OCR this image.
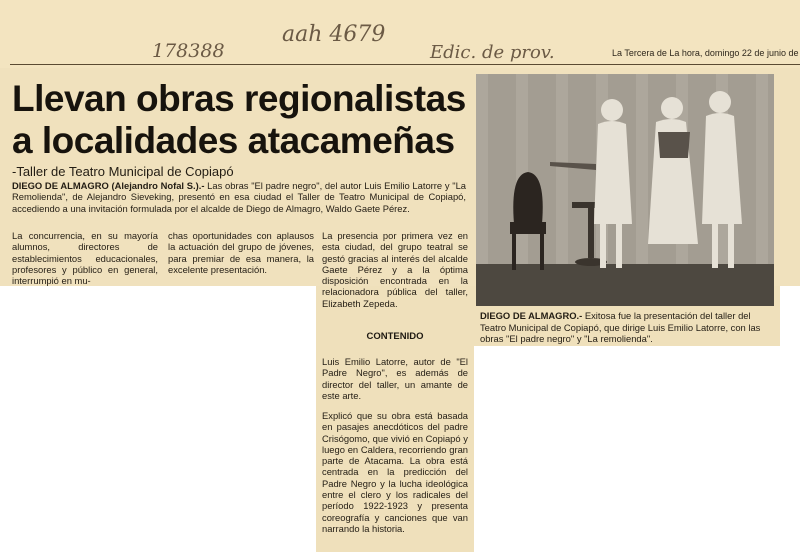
178388
aah 4679
Edic. de prov.	La Tercera de La hora, domingo 22 de junio de
Llevan obras regionalistas
a localidades atacameñas
-Taller de Teatro Municipal de Copiapó

DIEGO DE ALMAGRO (Alejandro Nofal S.).- Las obras "El padre negro", del autor Luis Emilio Latorre y "La Remolienda", de Alejandro Sieveking, presentó en esa ciudad el Taller de Teatro Municipal de Copiapó, accediendo a una invitación formulada por el alcalde de Diego de Almagro, Waldo Gaete Pérez.

La concurrencia, en su mayoría alumnos, directores de establecimientos educacionales, profesores y público en general, interrumpió en mu-

chas oportunidades con aplausos la actuación del grupo de jóvenes, para premiar de esa manera, la excelente presentación.

La presencia por primera vez en esta ciudad, del grupo teatral se gestó gracias al interés del alcalde Gaete Pérez y a la óptima disposición encontrada en la relacionadora pública del taller, Elizabeth Zepeda.

CONTENIDO

Luis Emilio Latorre, autor de "El Padre Negro", es además de director del taller, un amante de este arte.

Explicó que su obra está basada en pasajes anecdóticos del padre Crisógomo, que vivió en Copiapó y luego en Caldera, recorriendo gran parte de Atacama. La obra está centrada en la predicción del Padre Negro y la lucha ideológica entre el clero y los radicales del período 1922-1923 y presenta coreografía y canciones que van narrando la historia.

DIEGO DE ALMAGRO.- Exitosa fue la presentación del taller del Teatro Municipal de Copiapó, que dirige Luis Emilio Latorre, con las obras "El padre negro" y "La remolienda".
